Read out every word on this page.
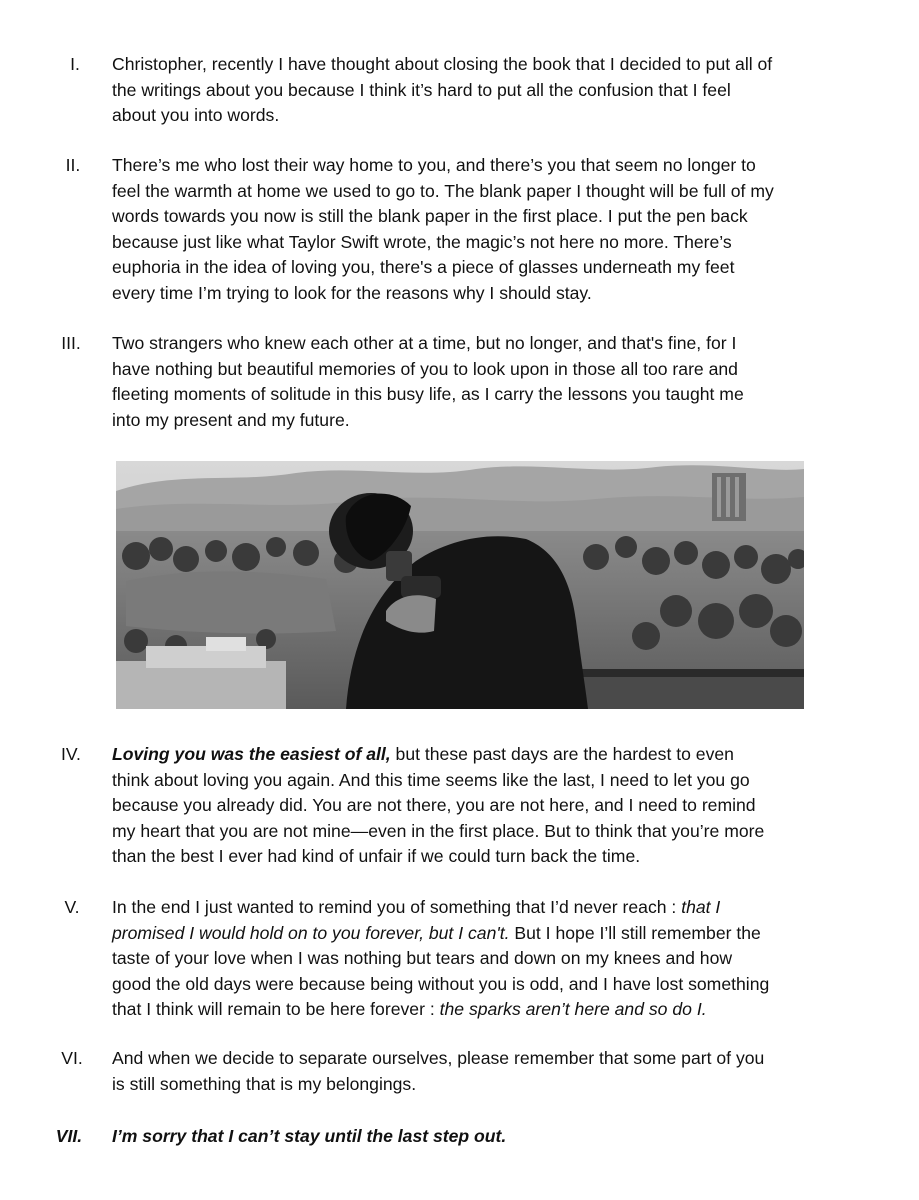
I.	Christopher, recently I have thought about closing the book that I decided to put all of
the writings about you because I think it’s hard to put all the confusion that I feel
about you into words.
II.	There’s me who lost their way home to you, and there’s you that seem no longer to
feel the warmth at home we used to go to. The blank paper I thought will be full of my
words towards you now is still the blank paper in the first place. I put the pen back
because just like what Taylor Swift wrote, the magic’s not here no more. There’s
euphoria in the idea of loving you, there's a piece of glasses underneath my feet
every time I’m trying to look for the reasons why I should stay.
III.	Two strangers who knew each other at a time, but no longer, and that's fine, for I
have nothing but beautiful memories of you to look upon in those all too rare and
fleeting moments of solitude in this busy life, as I carry the lessons you taught me
into my present and my future.
IV.	Loving you was the easiest of all, but these past days are the hardest to even
think about loving you again. And this time seems like the last, I need to let you go
because you already did. You are not there, you are not here, and I need to remind
my heart that you are not mine—even in the first place. But to think that you’re more
than the best I ever had kind of unfair if we could turn back the time.
V.	In the end I just wanted to remind you of something that I’d never reach : that I
promised I would hold on to you forever, but I can't. But I hope I’ll still remember the
taste of your love when I was nothing but tears and down on my knees and how
good the old days were because being without you is odd, and I have lost something
that I think will remain to be here forever : the sparks aren’t here and so do I.
VI.	And when we decide to separate ourselves, please remember that some part of you
is still something that is my belongings.
VII.	I’m sorry that I can’t stay until the last step out.
